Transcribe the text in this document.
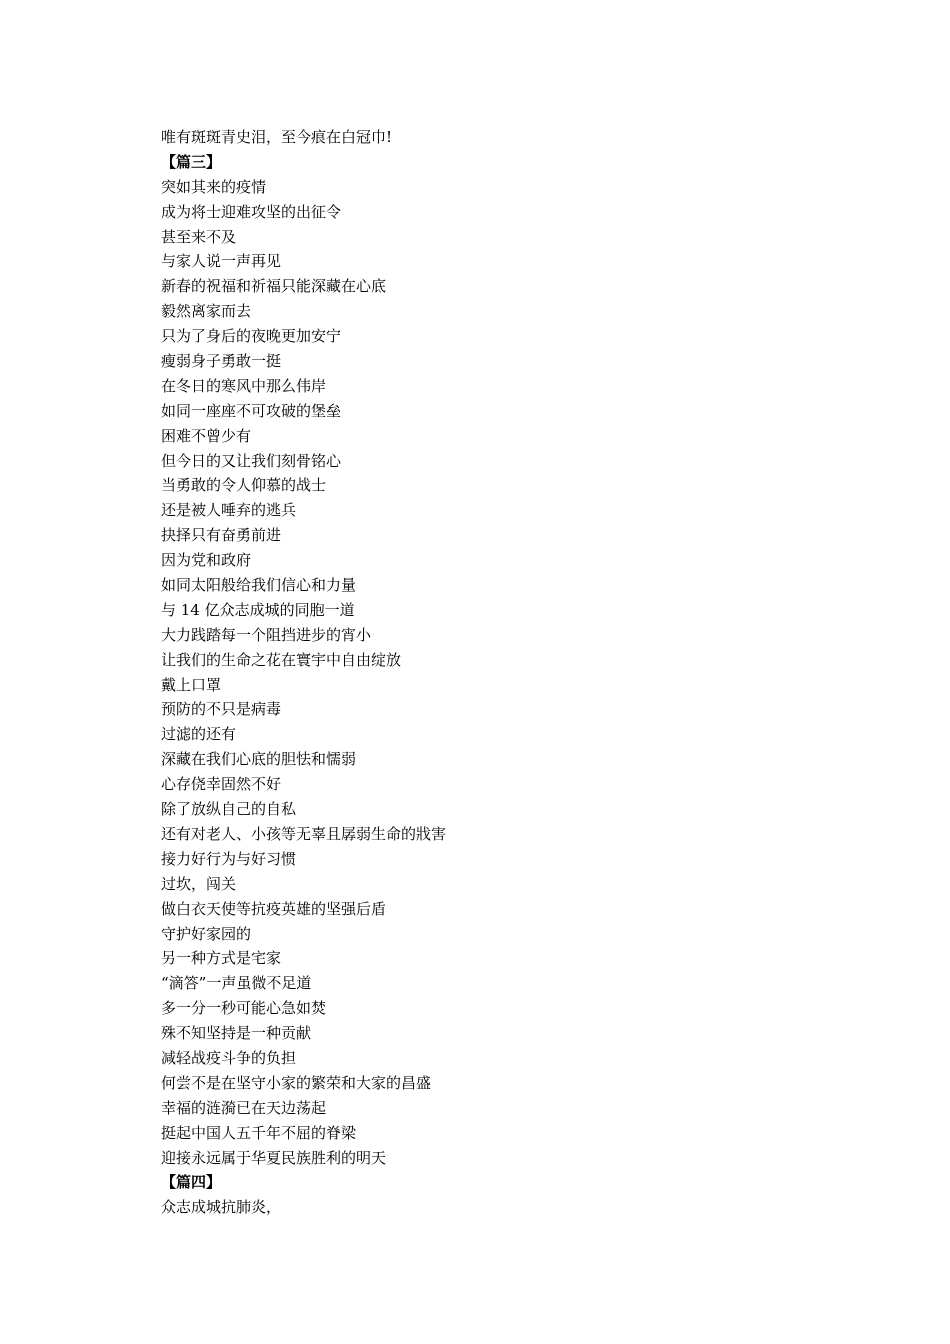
唯有斑斑青史泪，至今痕在白冠巾!
【篇三】
突如其来的疫情
成为将士迎难攻坚的出征令
甚至来不及
与家人说一声再见
新春的祝福和祈福只能深藏在心底
毅然离家而去
只为了身后的夜晚更加安宁
瘦弱身子勇敢一挺
在冬日的寒风中那么伟岸
如同一座座不可攻破的堡垒
困难不曾少有
但今日的又让我们刻骨铭心
当勇敢的令人仰慕的战士
还是被人唾弃的逃兵
抉择只有奋勇前进
因为党和政府
如同太阳般给我们信心和力量
与 14 亿众志成城的同胞一道
大力践踏每一个阻挡进步的宵小
让我们的生命之花在寰宇中自由绽放
戴上口罩
预防的不只是病毒
过滤的还有
深藏在我们心底的胆怯和懦弱
心存侥幸固然不好
除了放纵自己的自私
还有对老人、小孩等无辜且孱弱生命的戕害
接力好行为与好习惯
过坎，闯关
做白衣天使等抗疫英雄的坚强后盾
守护好家园的
另一种方式是宅家
“滴答”一声虽微不足道
多一分一秒可能心急如焚
殊不知坚持是一种贡献
减轻战疫斗争的负担
何尝不是在坚守小家的繁荣和大家的昌盛
幸福的涟漪已在天边荡起
挺起中国人五千年不屈的脊梁
迎接永远属于华夏民族胜利的明天
【篇四】
众志成城抗肺炎，
